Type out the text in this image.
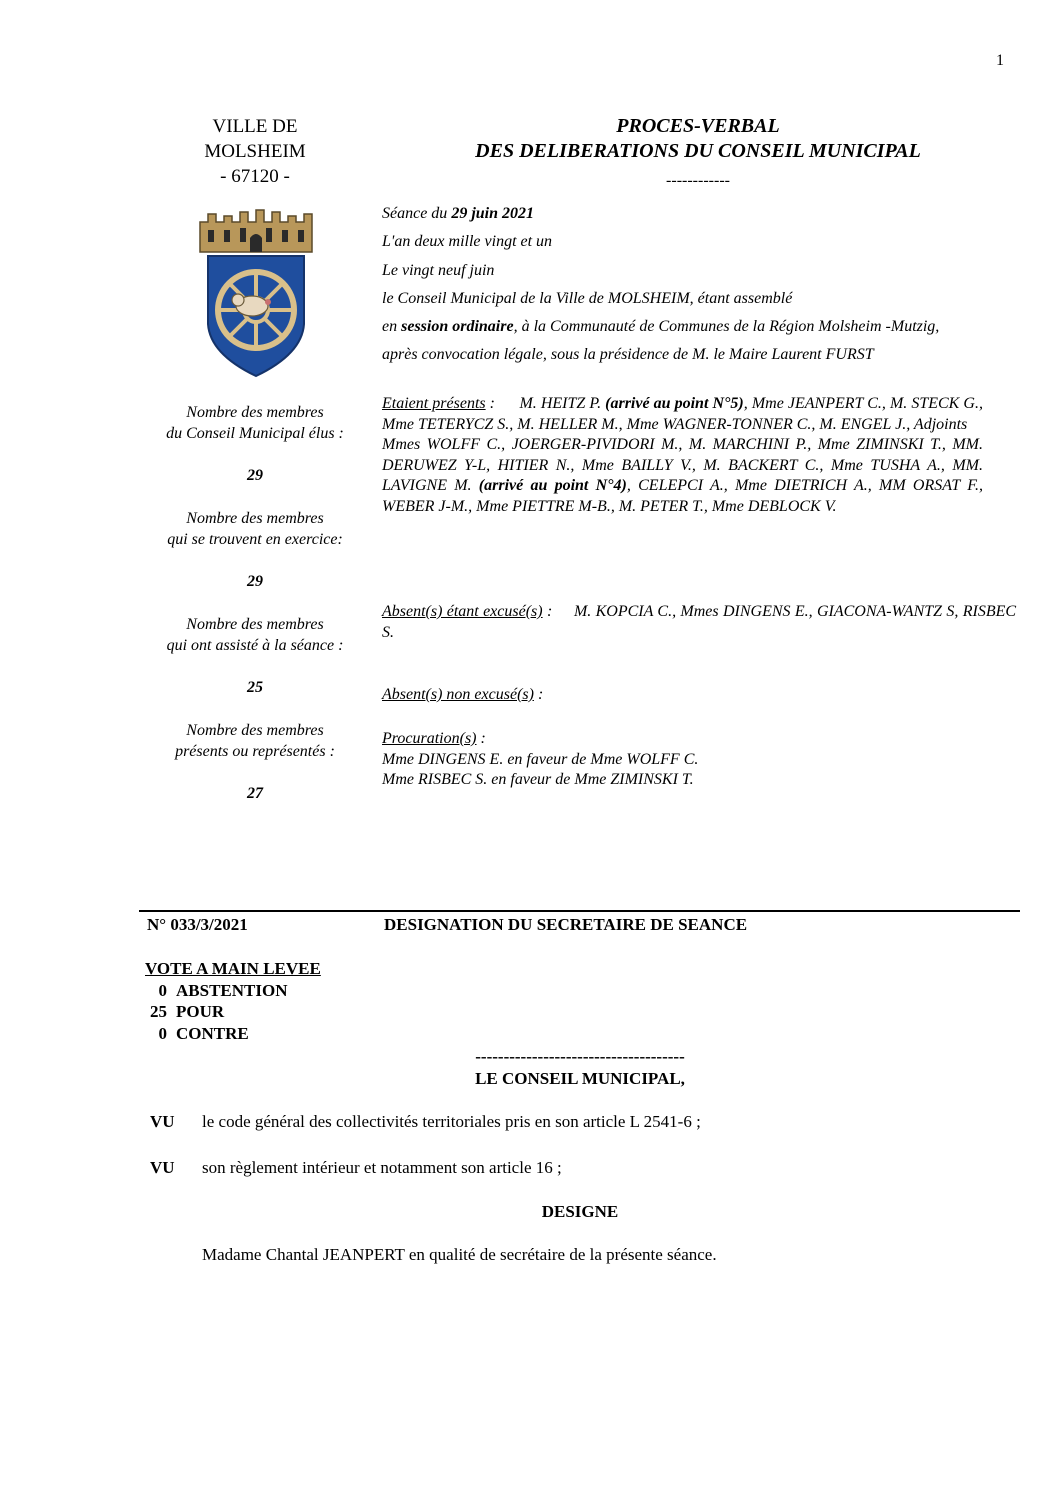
1
VILLE DE
MOLSHEIM
- 67120 -
PROCES-VERBAL
DES DELIBERATIONS DU CONSEIL MUNICIPAL
------------

Séance du 29 juin 2021

L'an deux mille vingt et un

Le vingt neuf juin

le Conseil Municipal de la Ville de MOLSHEIM, étant assemblé

en session ordinaire, à la Communauté de Communes de la Région Molsheim -Mutzig,

après convocation légale, sous la présidence de M. le Maire Laurent FURST

Nombre des membres
du Conseil Municipal élus :
29
Nombre des membres
qui se trouvent en exercice:
29
Nombre des membres
qui ont assisté à la séance :
25
Nombre des membres
présents ou représentés :
27
Etaient présents : M. HEITZ P. (arrivé au point N°5), Mme JEANPERT C., M. STECK G., Mme TETERYCZ S., M. HELLER M., Mme WAGNER-TONNER C., M. ENGEL J., Adjoints
Mmes WOLFF C., JOERGER-PIVIDORI M., M. MARCHINI P., Mme ZIMINSKI T., MM. DERUWEZ Y-L, HITIER N., Mme BAILLY V., M. BACKERT C., Mme TUSHA A., MM. LAVIGNE M. (arrivé au point N°4), CELEPCI A., Mme DIETRICH A., MM ORSAT F., WEBER J-M., Mme PIETTRE M-B., M. PETER T., Mme DEBLOCK V.
Absent(s) étant excusé(s) : M. KOPCIA C., Mmes DINGENS E., GIACONA-WANTZ S, RISBEC S.
Absent(s) non excusé(s) :
Procuration(s) :
Mme DINGENS E. en faveur de Mme WOLFF C.
Mme RISBEC S. en faveur de Mme ZIMINSKI T.
N° 033/3/2021	DESIGNATION DU SECRETAIRE DE SEANCE
VOTE A MAIN LEVEE
0 ABSTENTION
25 POUR
0 CONTRE
-------------------------------------
LE CONSEIL MUNICIPAL,
VU le code général des collectivités territoriales pris en son article L 2541-6 ;
VU son règlement intérieur et notamment son article 16 ;
DESIGNE
Madame Chantal JEANPERT en qualité de secrétaire de la présente séance.
